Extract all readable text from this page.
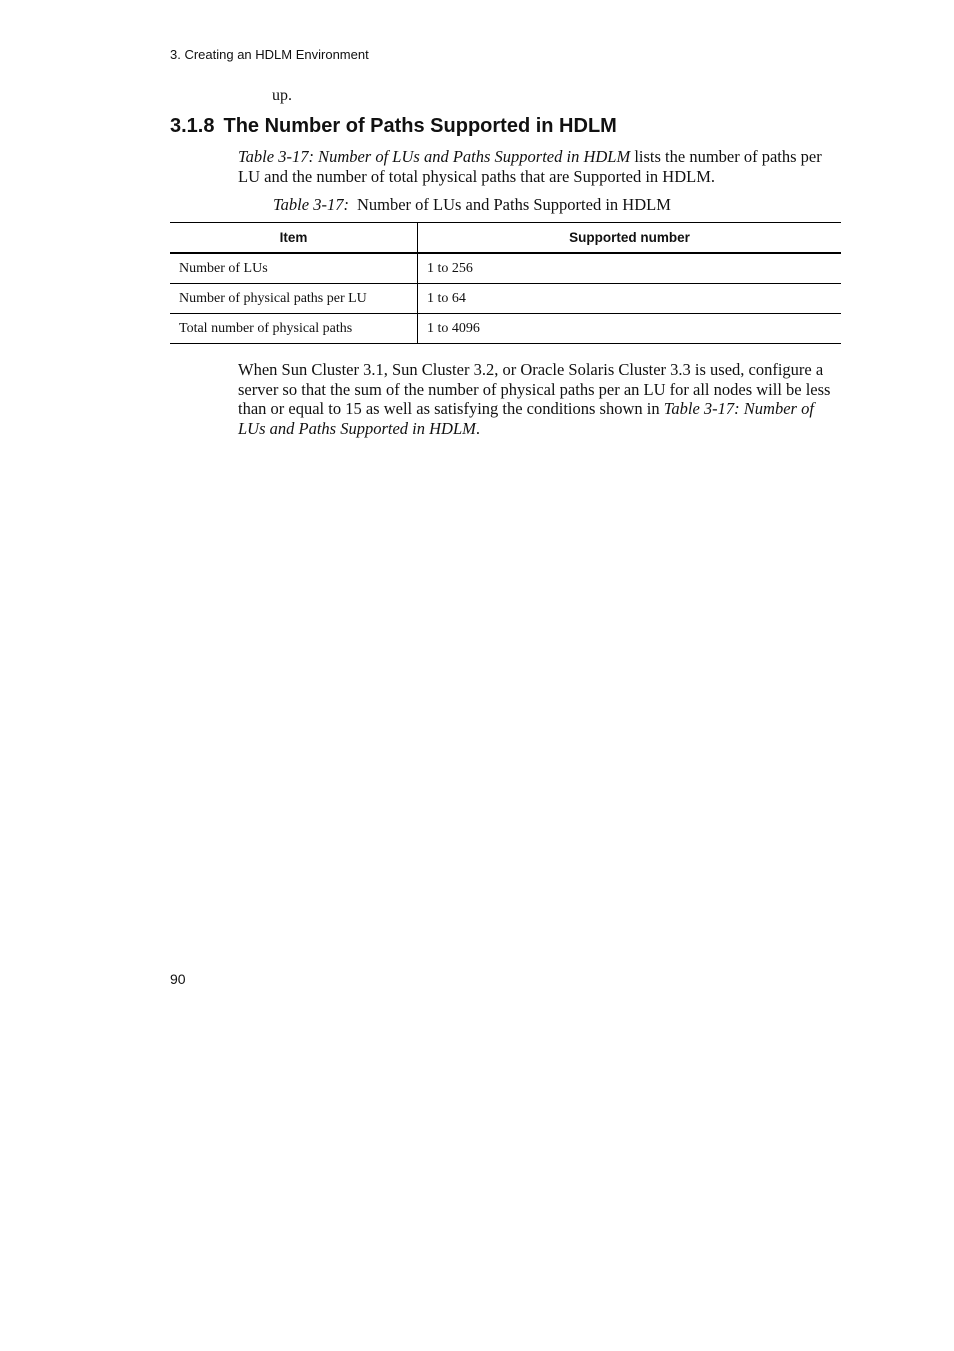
3. Creating an HDLM Environment
up.
3.1.8 The Number of Paths Supported in HDLM

Table 3-17: Number of LUs and Paths Supported in HDLM lists the number of paths per LU and the number of total physical paths that are Supported in HDLM.

Table 3-17: Number of LUs and Paths Supported in HDLM
Item	Supported number
Number of LUs	1 to 256
Number of physical paths per LU	1 to 64
Total number of physical paths	1 to 4096

When Sun Cluster 3.1, Sun Cluster 3.2, or Oracle Solaris Cluster 3.3 is used, configure a server so that the sum of the number of physical paths per an LU for all nodes will be less than or equal to 15 as well as satisfying the conditions shown in Table 3-17: Number of LUs and Paths Supported in HDLM.

90
